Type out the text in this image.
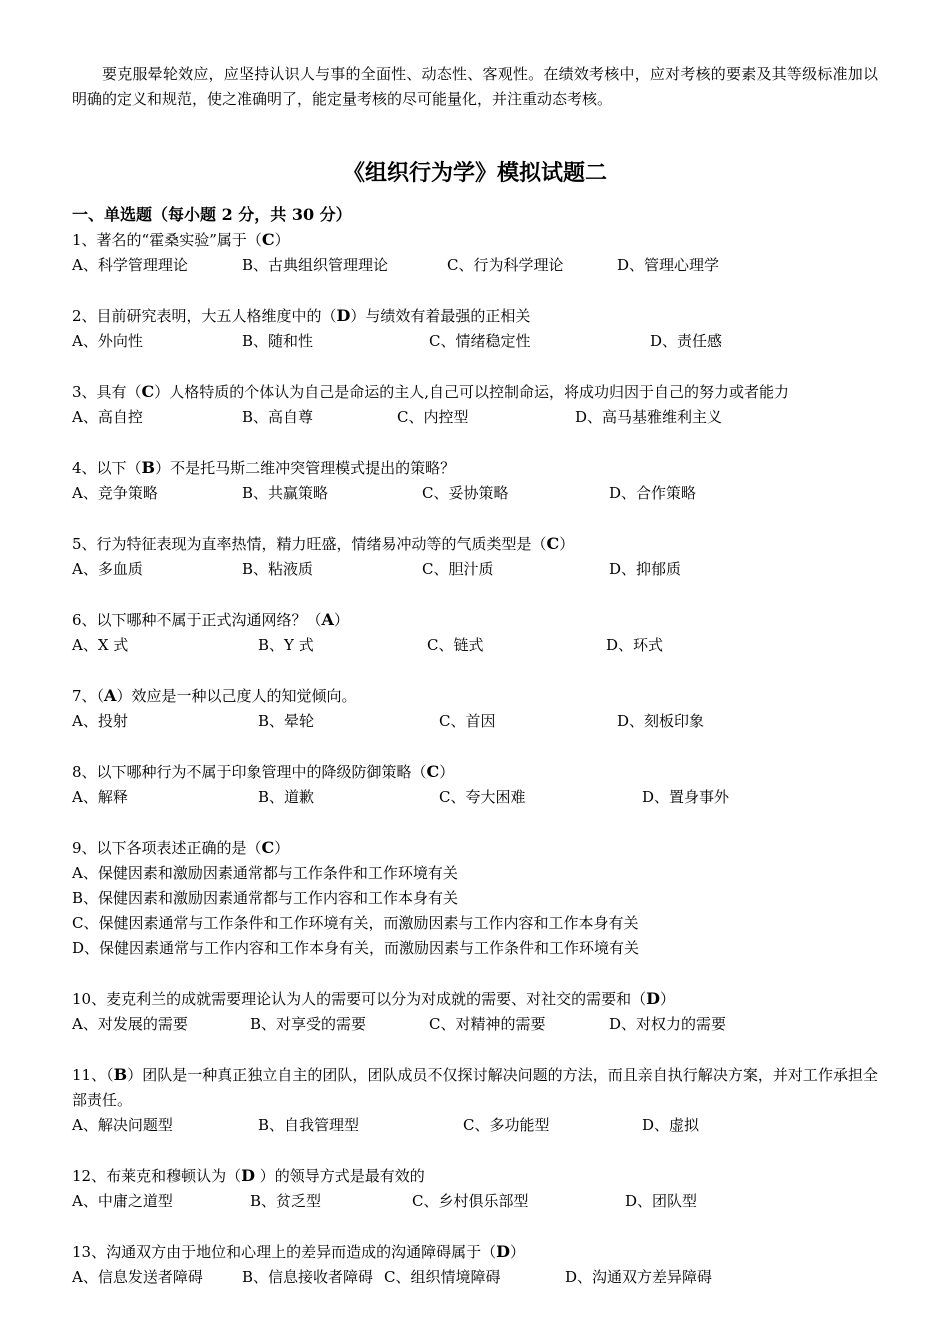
要克服晕轮效应，应坚持认识人与事的全面性、动态性、客观性。在绩效考核中，应对考核的要素及其等级标准加以明确的定义和规范，使之准确明了，能定量考核的尽可能量化，并注重动态考核。

《组织行为学》模拟试题二
一、单选题（每小题 2 分，共 30 分）
1、著名的“霍桑实验”属于（C）
A、科学管理理论	B、古典组织管理理论	C、行为科学理论	D、管理心理学
2、目前研究表明，大五人格维度中的（D）与绩效有着最强的正相关
A、外向性	B、随和性	C、情绪稳定性	D、责任感
3、具有（C）人格特质的个体认为自己是命运的主人,自己可以控制命运，将成功归因于自己的努力或者能力
A、高自控	B、高自尊	C、内控型	D、高马基雅维利主义
4、以下（B）不是托马斯二维冲突管理模式提出的策略？
A、竞争策略	B、共赢策略	C、妥协策略	D、合作策略
5、行为特征表现为直率热情，精力旺盛，情绪易冲动等的气质类型是（C）
A、多血质	B、粘液质	C、胆汁质	D、抑郁质
6、以下哪种不属于正式沟通网络？（A）
A、X 式	B、Y 式	C、链式	D、环式
7、（A）效应是一种以己度人的知觉倾向。
A、投射	B、晕轮	C、首因	D、刻板印象
8、以下哪种行为不属于印象管理中的降级防御策略（C）
A、解释	B、道歉	C、夸大困难	D、置身事外
9、以下各项表述正确的是（C）
A、保健因素和激励因素通常都与工作条件和工作环境有关
B、保健因素和激励因素通常都与工作内容和工作本身有关
C、保健因素通常与工作条件和工作环境有关，而激励因素与工作内容和工作本身有关
D、保健因素通常与工作内容和工作本身有关，而激励因素与工作条件和工作环境有关
10、麦克利兰的成就需要理论认为人的需要可以分为对成就的需要、对社交的需要和（D）
A、对发展的需要	B、对享受的需要	C、对精神的需要	D、对权力的需要
11、（B）团队是一种真正独立自主的团队，团队成员不仅探讨解决问题的方法，而且亲自执行解决方案，并对工作承担全部责任。
A、解决问题型	B、自我管理型	C、多功能型	D、虚拟
12、布莱克和穆顿认为（D ）的领导方式是最有效的
A、中庸之道型	B、贫乏型	C、乡村俱乐部型	D、团队型
13、沟通双方由于地位和心理上的差异而造成的沟通障碍属于（D）
A、信息发送者障碍	B、信息接收者障碍 C、组织情境障碍	D、沟通双方差异障碍
